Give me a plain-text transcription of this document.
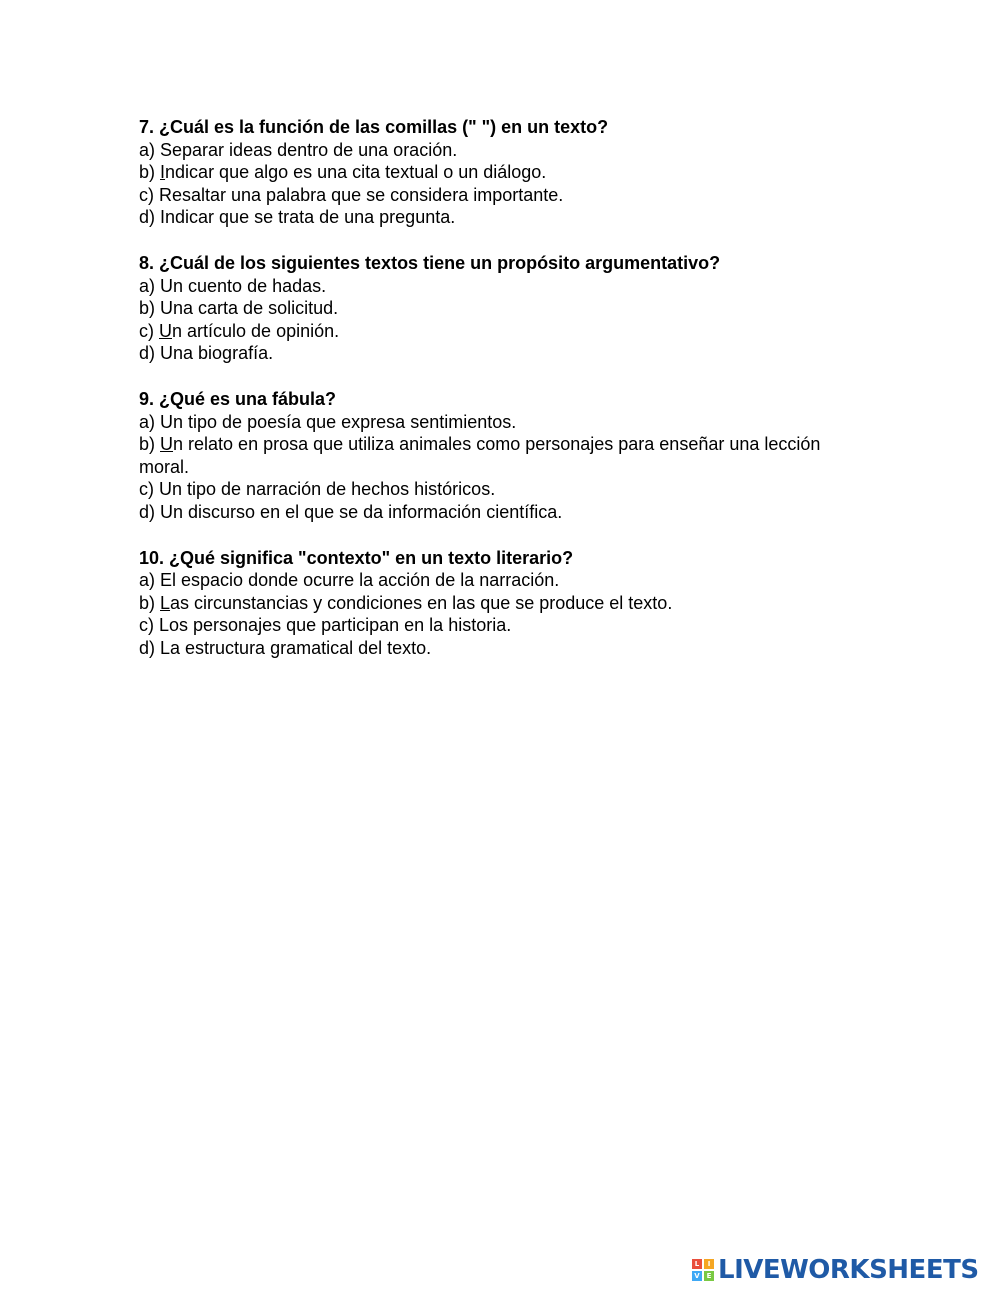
7. ¿Cuál es la función de las comillas (" ") en un texto?
a) Separar ideas dentro de una oración.
b) Indicar que algo es una cita textual o un diálogo.
c) Resaltar una palabra que se considera importante.
d) Indicar que se trata de una pregunta.
8. ¿Cuál de los siguientes textos tiene un propósito argumentativo?
a) Un cuento de hadas.
b) Una carta de solicitud.
c) Un artículo de opinión.
d) Una biografía.
9. ¿Qué es una fábula?
a) Un tipo de poesía que expresa sentimientos.
b) Un relato en prosa que utiliza animales como personajes para enseñar una lección moral.
c) Un tipo de narración de hechos históricos.
d) Un discurso en el que se da información científica.
10. ¿Qué significa "contexto" en un texto literario?
a) El espacio donde ocurre la acción de la narración.
b) Las circunstancias y condiciones en las que se produce el texto.
c) Los personajes que participan en la historia.
d) La estructura gramatical del texto.
L	I
V E LIVEWORKSHEETS
